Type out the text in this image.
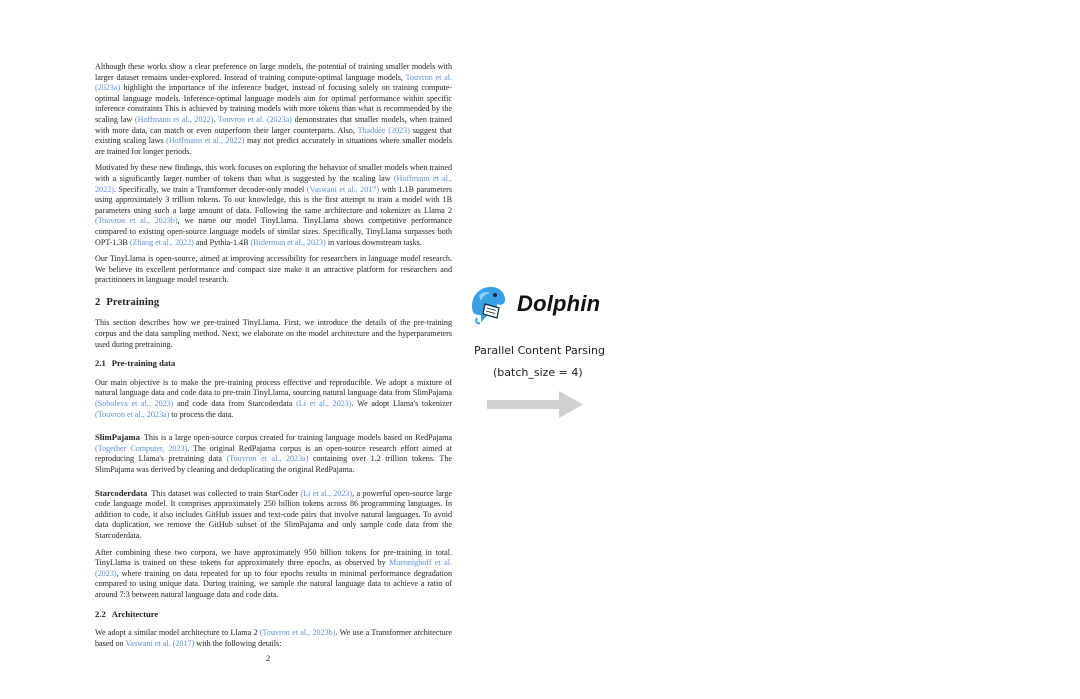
Although these works show a clear preference on large models, the potential of training smaller models with larger dataset remains under-explored. Instead of training compute-optimal language models, Touvron et al. (2023a) highlight the importance of the inference budget, instead of focusing solely on training compute-optimal language models. Inference-optimal language models aim for optimal performance within specific inference constraints This is achieved by training models with more tokens than what is recommended by the scaling law (Hoffmann et al., 2022). Touvron et al. (2023a) demonstrates that smaller models, when trained with more data, can match or even outperform their larger counterparts. Also, Thaddée (2023) suggest that existing scaling laws (Hoffmann et al., 2022) may not predict accurately in situations where smaller models are trained for longer periods.

Motivated by these new findings, this work focuses on exploring the behavior of smaller models when trained with a significantly larger number of tokens than what is suggested by the scaling law (Hoffmann et al., 2022). Specifically, we train a Transformer decoder-only model (Vaswani et al., 2017) with 1.1B parameters using approximately 3 trillion tokens. To our knowledge, this is the first attempt to train a model with 1B parameters using such a large amount of data. Following the same architecture and tokenizer as Llama 2 (Touvron et al., 2023b), we name our model TinyLlama. TinyLlama shows competitive performance compared to existing open-source language models of similar sizes. Specifically, TinyLlama surpasses both OPT-1.3B (Zhang et al., 2022) and Pythia-1.4B (Biderman et al., 2023) in various downstream tasks.

Our TinyLlama is open-source, aimed at improving accessibility for researchers in language model research. We believe its excellent performance and compact size make it an attractive platform for researchers and practitioners in language model research.

2 Pretraining

This section describes how we pre-trained TinyLlama. First, we introduce the details of the pre-training corpus and the data sampling method. Next, we elaborate on the model architecture and the hyperparameters used during pretraining.

2.1 Pre-training data

Our main objective is to make the pre-training process effective and reproducible. We adopt a mixture of natural language data and code data to pre-train TinyLlama, sourcing natural language data from SlimPajama (Soboleva et al., 2023) and code data from Starcoderdata (Li et al., 2023). We adopt Llama's tokenizer (Touvron et al., 2023a) to process the data.

SlimPajama This is a large open-source corpus created for training language models based on RedPajama (Together Computer, 2023). The original RedPajama corpus is an open-source research effort aimed at reproducing Llama's pretraining data (Touvron et al., 2023a) containing over 1.2 trillion tokens. The SlimPajama was derived by cleaning and deduplicating the original RedPajama.

Starcoderdata This dataset was collected to train StarCoder (Li et al., 2023), a powerful open-source large code language model. It comprises approximately 250 billion tokens across 86 programming languages. In addition to code, it also includes GitHub issues and text-code pairs that involve natural languages. To avoid data duplication, we remove the GitHub subset of the SlimPajama and only sample code data from the Starcoderdata.

After combining these two corpora, we have approximately 950 billion tokens for pre-training in total. TinyLlama is trained on these tokens for approximately three epochs, as observed by Muennighoff et al. (2023), where training on data repeated for up to four epochs results in minimal performance degradation compared to using unique data. During training, we sample the natural language data to achieve a ratio of around 7:3 between natural language data and code data.

2.2 Architecture

We adopt a similar model architecture to Llama 2 (Touvron et al., 2023b). We use a Transformer architecture based on Vaswani et al. (2017) with the following details:

2
Dolphin
Parallel Content Parsing
(batch_size = 4)
